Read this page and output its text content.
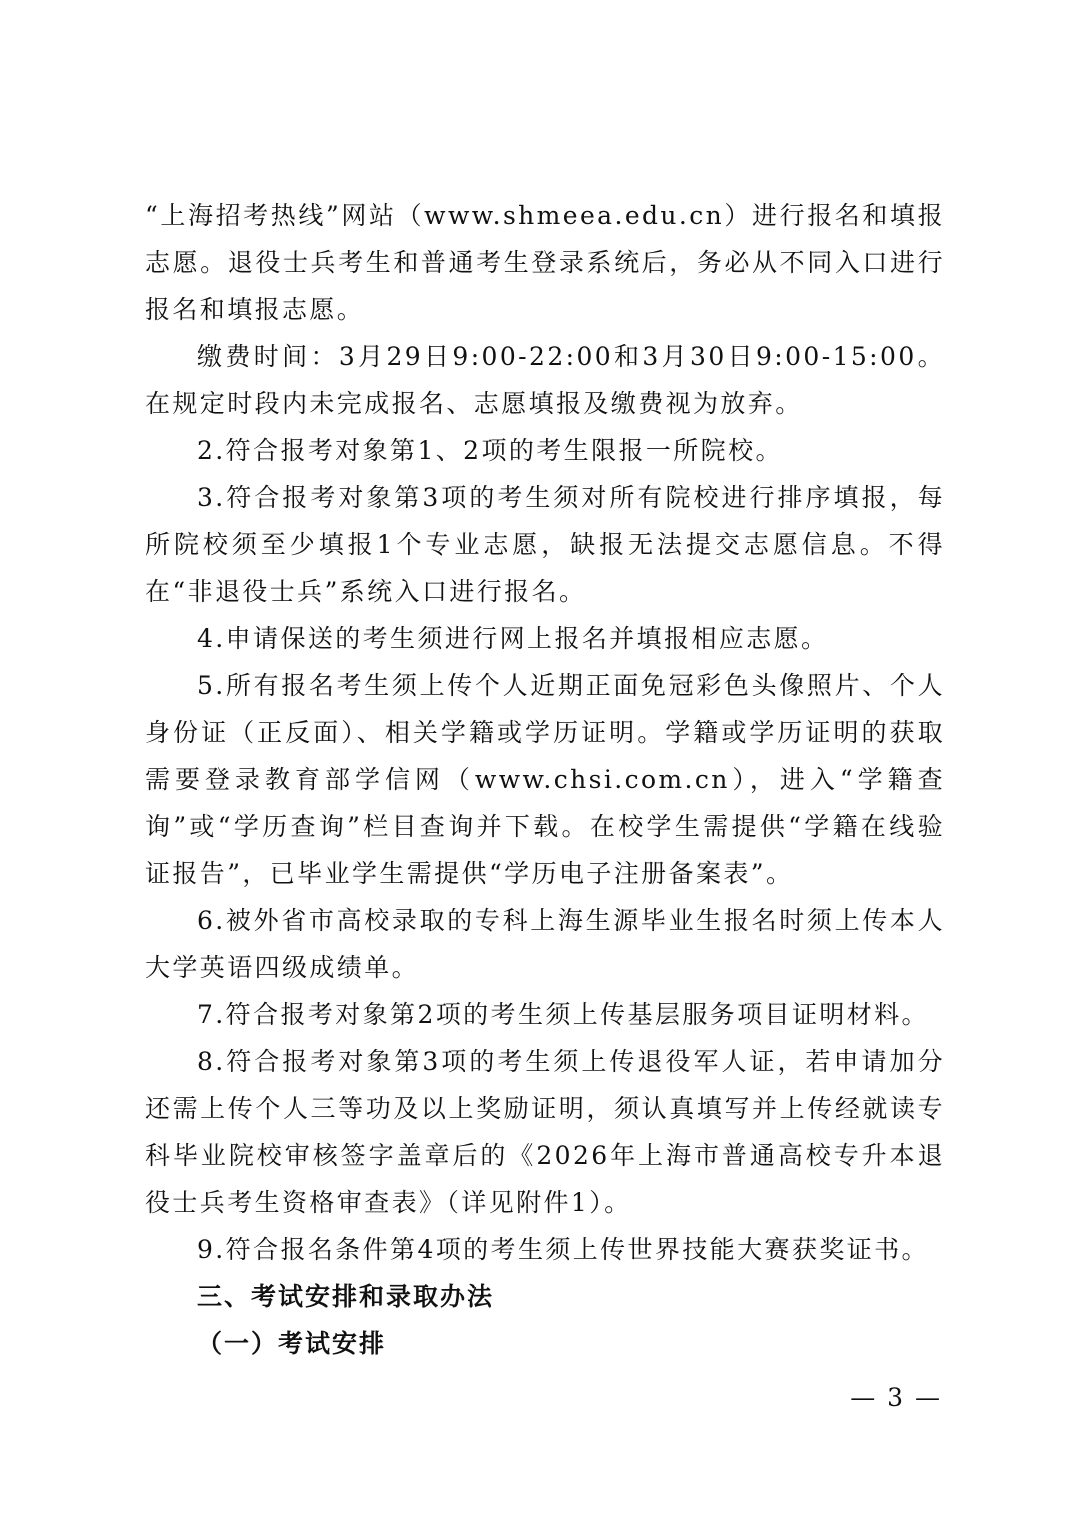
“上海招考热线”网站（www.shmeea.edu.cn）进行报名和填报志愿。退役士兵考生和普通考生登录系统后，务必从不同入口进行报名和填报志愿。

缴费时间：3月29日9:00-22:00和3月30日9:00-15:00。在规定时段内未完成报名、志愿填报及缴费视为放弃。

2.符合报考对象第1、2项的考生限报一所院校。

3.符合报考对象第3项的考生须对所有院校进行排序填报，每所院校须至少填报1个专业志愿，缺报无法提交志愿信息。不得在“非退役士兵”系统入口进行报名。

4.申请保送的考生须进行网上报名并填报相应志愿。

5.所有报名考生须上传个人近期正面免冠彩色头像照片、个人身份证（正反面）、相关学籍或学历证明。学籍或学历证明的获取需要登录教育部学信网（www.chsi.com.cn），进入“学籍查询”或“学历查询”栏目查询并下载。在校学生需提供“学籍在线验证报告”，已毕业学生需提供“学历电子注册备案表”。

6.被外省市高校录取的专科上海生源毕业生报名时须上传本人大学英语四级成绩单。

7.符合报考对象第2项的考生须上传基层服务项目证明材料。

8.符合报考对象第3项的考生须上传退役军人证，若申请加分还需上传个人三等功及以上奖励证明，须认真填写并上传经就读专科毕业院校审核签字盖章后的《2026年上海市普通高校专升本退役士兵考生资格审查表》（详见附件1）。

9.符合报名条件第4项的考生须上传世界技能大赛获奖证书。

三、考试安排和录取办法
（一）考试安排
— 3 —
